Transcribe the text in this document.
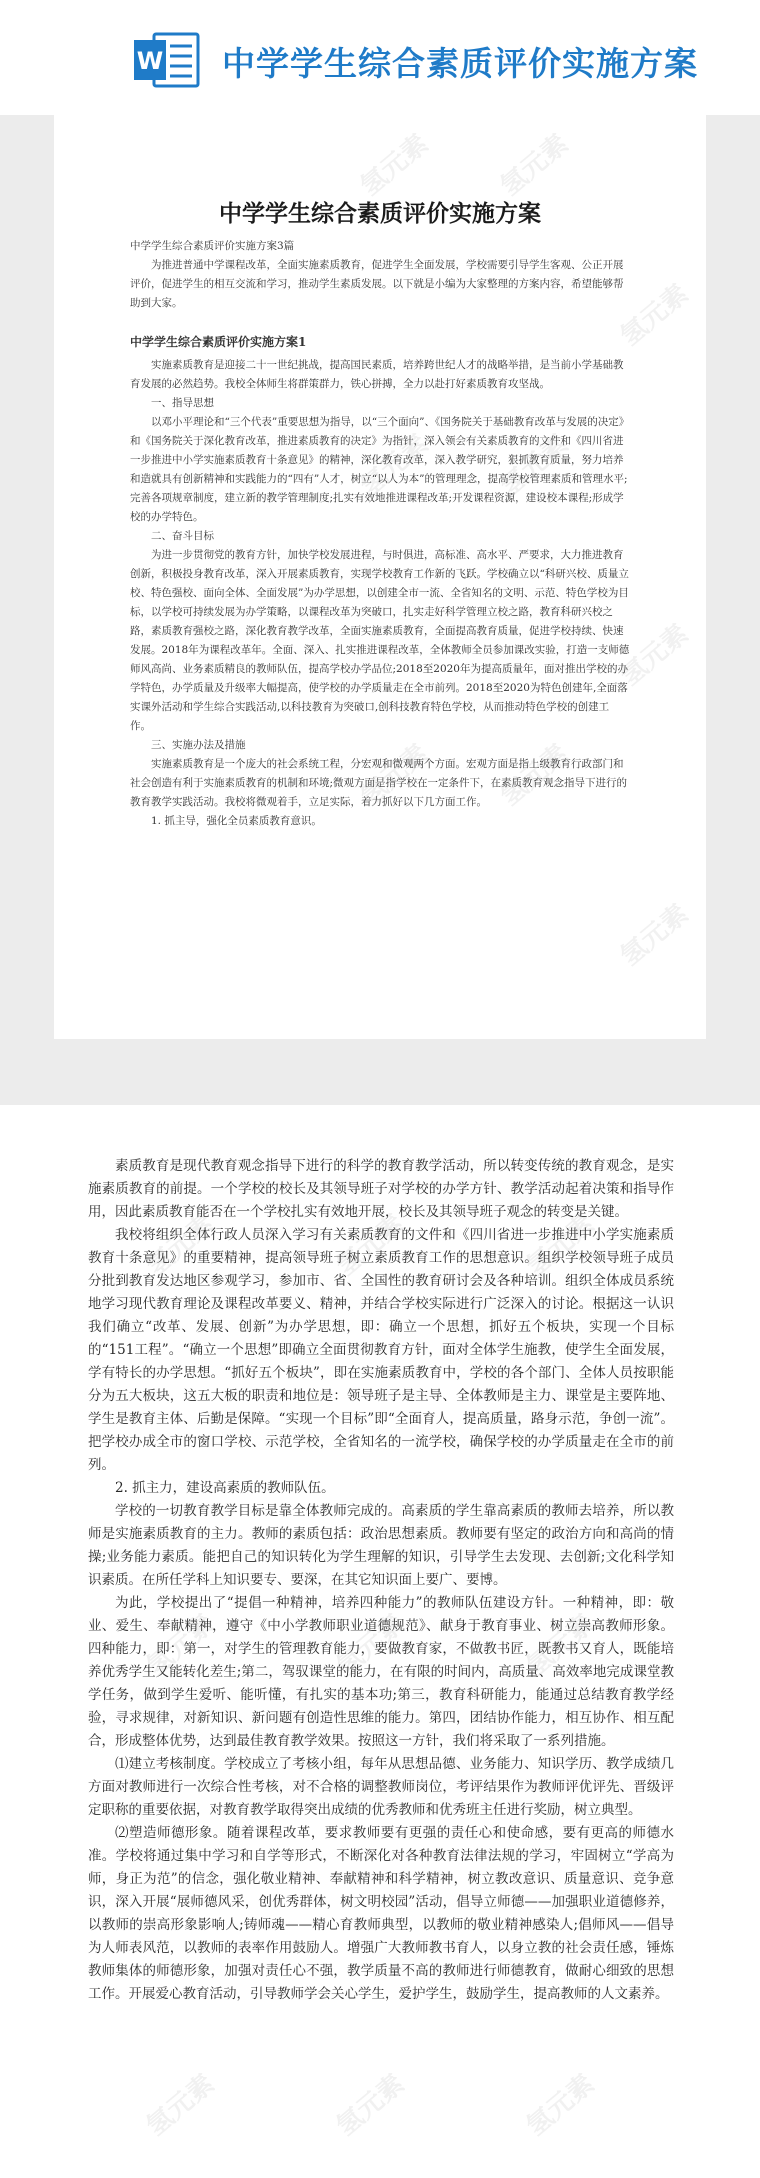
W 中学学生综合素质评价实施方案
中学学生综合素质评价实施方案

中学学生综合素质评价实施方案3篇

为推进普通中学课程改革，全面实施素质教育，促进学生全面发展，学校需要引导学生客观、公正开展评价，促进学生的相互交流和学习，推动学生素质发展。以下就是小编为大家整理的方案内容，希望能够帮助到大家。

中学学生综合素质评价实施方案1

实施素质教育是迎接二十一世纪挑战，提高国民素质，培养跨世纪人才的战略举措，是当前小学基础教育发展的必然趋势。我校全体师生将群策群力，铁心拼搏，全力以赴打好素质教育攻坚战。

一、指导思想

以邓小平理论和“三个代表”重要思想为指导，以“三个面向”、《国务院关于基础教育改革与发展的决定》和《国务院关于深化教育改革，推进素质教育的决定》为指针，深入领会有关素质教育的文件和《四川省进一步推进中小学实施素质教育十条意见》的精神，深化教育改革，深入教学研究，狠抓教育质量，努力培养和造就具有创新精神和实践能力的“四有”人才，树立“以人为本”的管理理念，提高学校管理素质和管理水平;完善各项规章制度，建立新的教学管理制度;扎实有效地推进课程改革;开发课程资源，建设校本课程;形成学校的办学特色。

二、奋斗目标

为进一步贯彻党的教育方针，加快学校发展进程，与时俱进，高标准、高水平、严要求，大力推进教育创新，积极投身教育改革，深入开展素质教育，实现学校教育工作新的飞跃。学校确立以“科研兴校、质量立校、特色强校、面向全体、全面发展”为办学思想，以创建全市一流、全省知名的文明、示范、特色学校为目标，以学校可持续发展为办学策略，以课程改革为突破口，扎实走好科学管理立校之路，教育科研兴校之路，素质教育强校之路，深化教育教学改革，全面实施素质教育，全面提高教育质量，促进学校持续、快速发展。2018年为课程改革年。全面、深入、扎实推进课程改革，全体教师全员参加课改实验，打造一支师德师风高尚、业务素质精良的教师队伍，提高学校办学品位;2018至2020年为提高质量年，面对推出学校的办学特色，办学质量及升级率大幅提高，使学校的办学质量走在全市前列。2018至2020为特色创建年,全面落实课外活动和学生综合实践活动,以科技教育为突破口,创科技教育特色学校，从而推动特色学校的创建工作。

三、实施办法及措施

实施素质教育是一个庞大的社会系统工程，分宏观和微观两个方面。宏观方面是指上级教育行政部门和社会创造有利于实施素质教育的机制和环境;微观方面是指学校在一定条件下，在素质教育观念指导下进行的教育教学实践活动。我校将微观着手，立足实际，着力抓好以下几方面工作。

1. 抓主导，强化全员素质教育意识。

氢元素 氢元素
氢元素
氢元素 氢元素
氢元素
氢元素 氢元素
氢元素

素质教育是现代教育观念指导下进行的科学的教育教学活动，所以转变传统的教育观念，是实施素质教育的前提。一个学校的校长及其领导班子对学校的办学方针、教学活动起着决策和指导作用，因此素质教育能否在一个学校扎实有效地开展，校长及其领导班子观念的转变是关键。

我校将组织全体行政人员深入学习有关素质教育的文件和《四川省进一步推进中小学实施素质教育十条意见》的重要精神，提高领导班子树立素质教育工作的思想意识。组织学校领导班子成员分批到教育发达地区参观学习，参加市、省、全国性的教育研讨会及各种培训。组织全体成员系统地学习现代教育理论及课程改革要义、精神，并结合学校实际进行广泛深入的讨论。根据这一认识我们确立“改革、发展、创新”为办学思想，即：确立一个思想，抓好五个板块，实现一个目标的“151工程”。“确立一个思想”即确立全面贯彻教育方针，面对全体学生施教，使学生全面发展，学有特长的办学思想。“抓好五个板块”，即在实施素质教育中，学校的各个部门、全体人员按职能分为五大板块，这五大板的职责和地位是：领导班子是主导、全体教师是主力、课堂是主要阵地、学生是教育主体、后勤是保障。“实现一个目标”即“全面育人，提高质量，路身示范，争创一流”。把学校办成全市的窗口学校、示范学校，全省知名的一流学校，确保学校的办学质量走在全市的前列。

2. 抓主力，建设高素质的教师队伍。

学校的一切教育教学目标是靠全体教师完成的。高素质的学生靠高素质的教师去培养，所以教师是实施素质教育的主力。教师的素质包括：政治思想素质。教师要有坚定的政治方向和高尚的情操;业务能力素质。能把自己的知识转化为学生理解的知识，引导学生去发现、去创新;文化科学知识素质。在所任学科上知识要专、要深，在其它知识面上要广、要博。

为此，学校提出了“提倡一种精神，培养四种能力”的教师队伍建设方针。一种精神，即：敬业、爱生、奉献精神，遵守《中小学教师职业道德规范》、献身于教育事业、树立崇高教师形象。四种能力，即：第一，对学生的管理教育能力，要做教育家，不做教书匠，既教书又育人，既能培养优秀学生又能转化差生;第二，驾驭课堂的能力，在有限的时间内，高质量、高效率地完成课堂教学任务，做到学生爱听、能听懂，有扎实的基本功;第三，教育科研能力，能通过总结教育教学经验，寻求规律，对新知识、新问题有创造性思维的能力。第四，团结协作能力，相互协作、相互配合，形成整体优势，达到最佳教育教学效果。按照这一方针，我们将采取了一系列措施。

⑴建立考核制度。学校成立了考核小组，每年从思想品德、业务能力、知识学历、教学成绩几方面对教师进行一次综合性考核，对不合格的调整教师岗位，考评结果作为教师评优评先、晋级评定职称的重要依据，对教育教学取得突出成绩的优秀教师和优秀班主任进行奖励，树立典型。

⑵塑造师德形象。随着课程改革，要求教师要有更强的责任心和使命感，要有更高的师德水准。学校将通过集中学习和自学等形式，不断深化对各种教育法律法规的学习，牢固树立“学高为师，身正为范”的信念，强化敬业精神、奉献精神和科学精神，树立教改意识、质量意识、竞争意识，深入开展“展师德风采，创优秀群体，树文明校园”活动，倡导立师德——加强职业道德修养，以教师的崇高形象影响人;铸师魂——精心育教师典型，以教师的敬业精神感染人;倡师风——倡导为人师表风范，以教师的表率作用鼓励人。增强广大教师教书育人，以身立教的社会责任感，锤炼教师集体的师德形象，加强对责任心不强，教学质量不高的教师进行师德教育，做耐心细致的思想工作。开展爱心教育活动，引导教师学会关心学生，爱护学生，鼓励学生，提高教师的人文素养。

氢元素	氢元素	氢元素
氢元素	氢元素	氢元素
氢元素	氢元素	氢元素
